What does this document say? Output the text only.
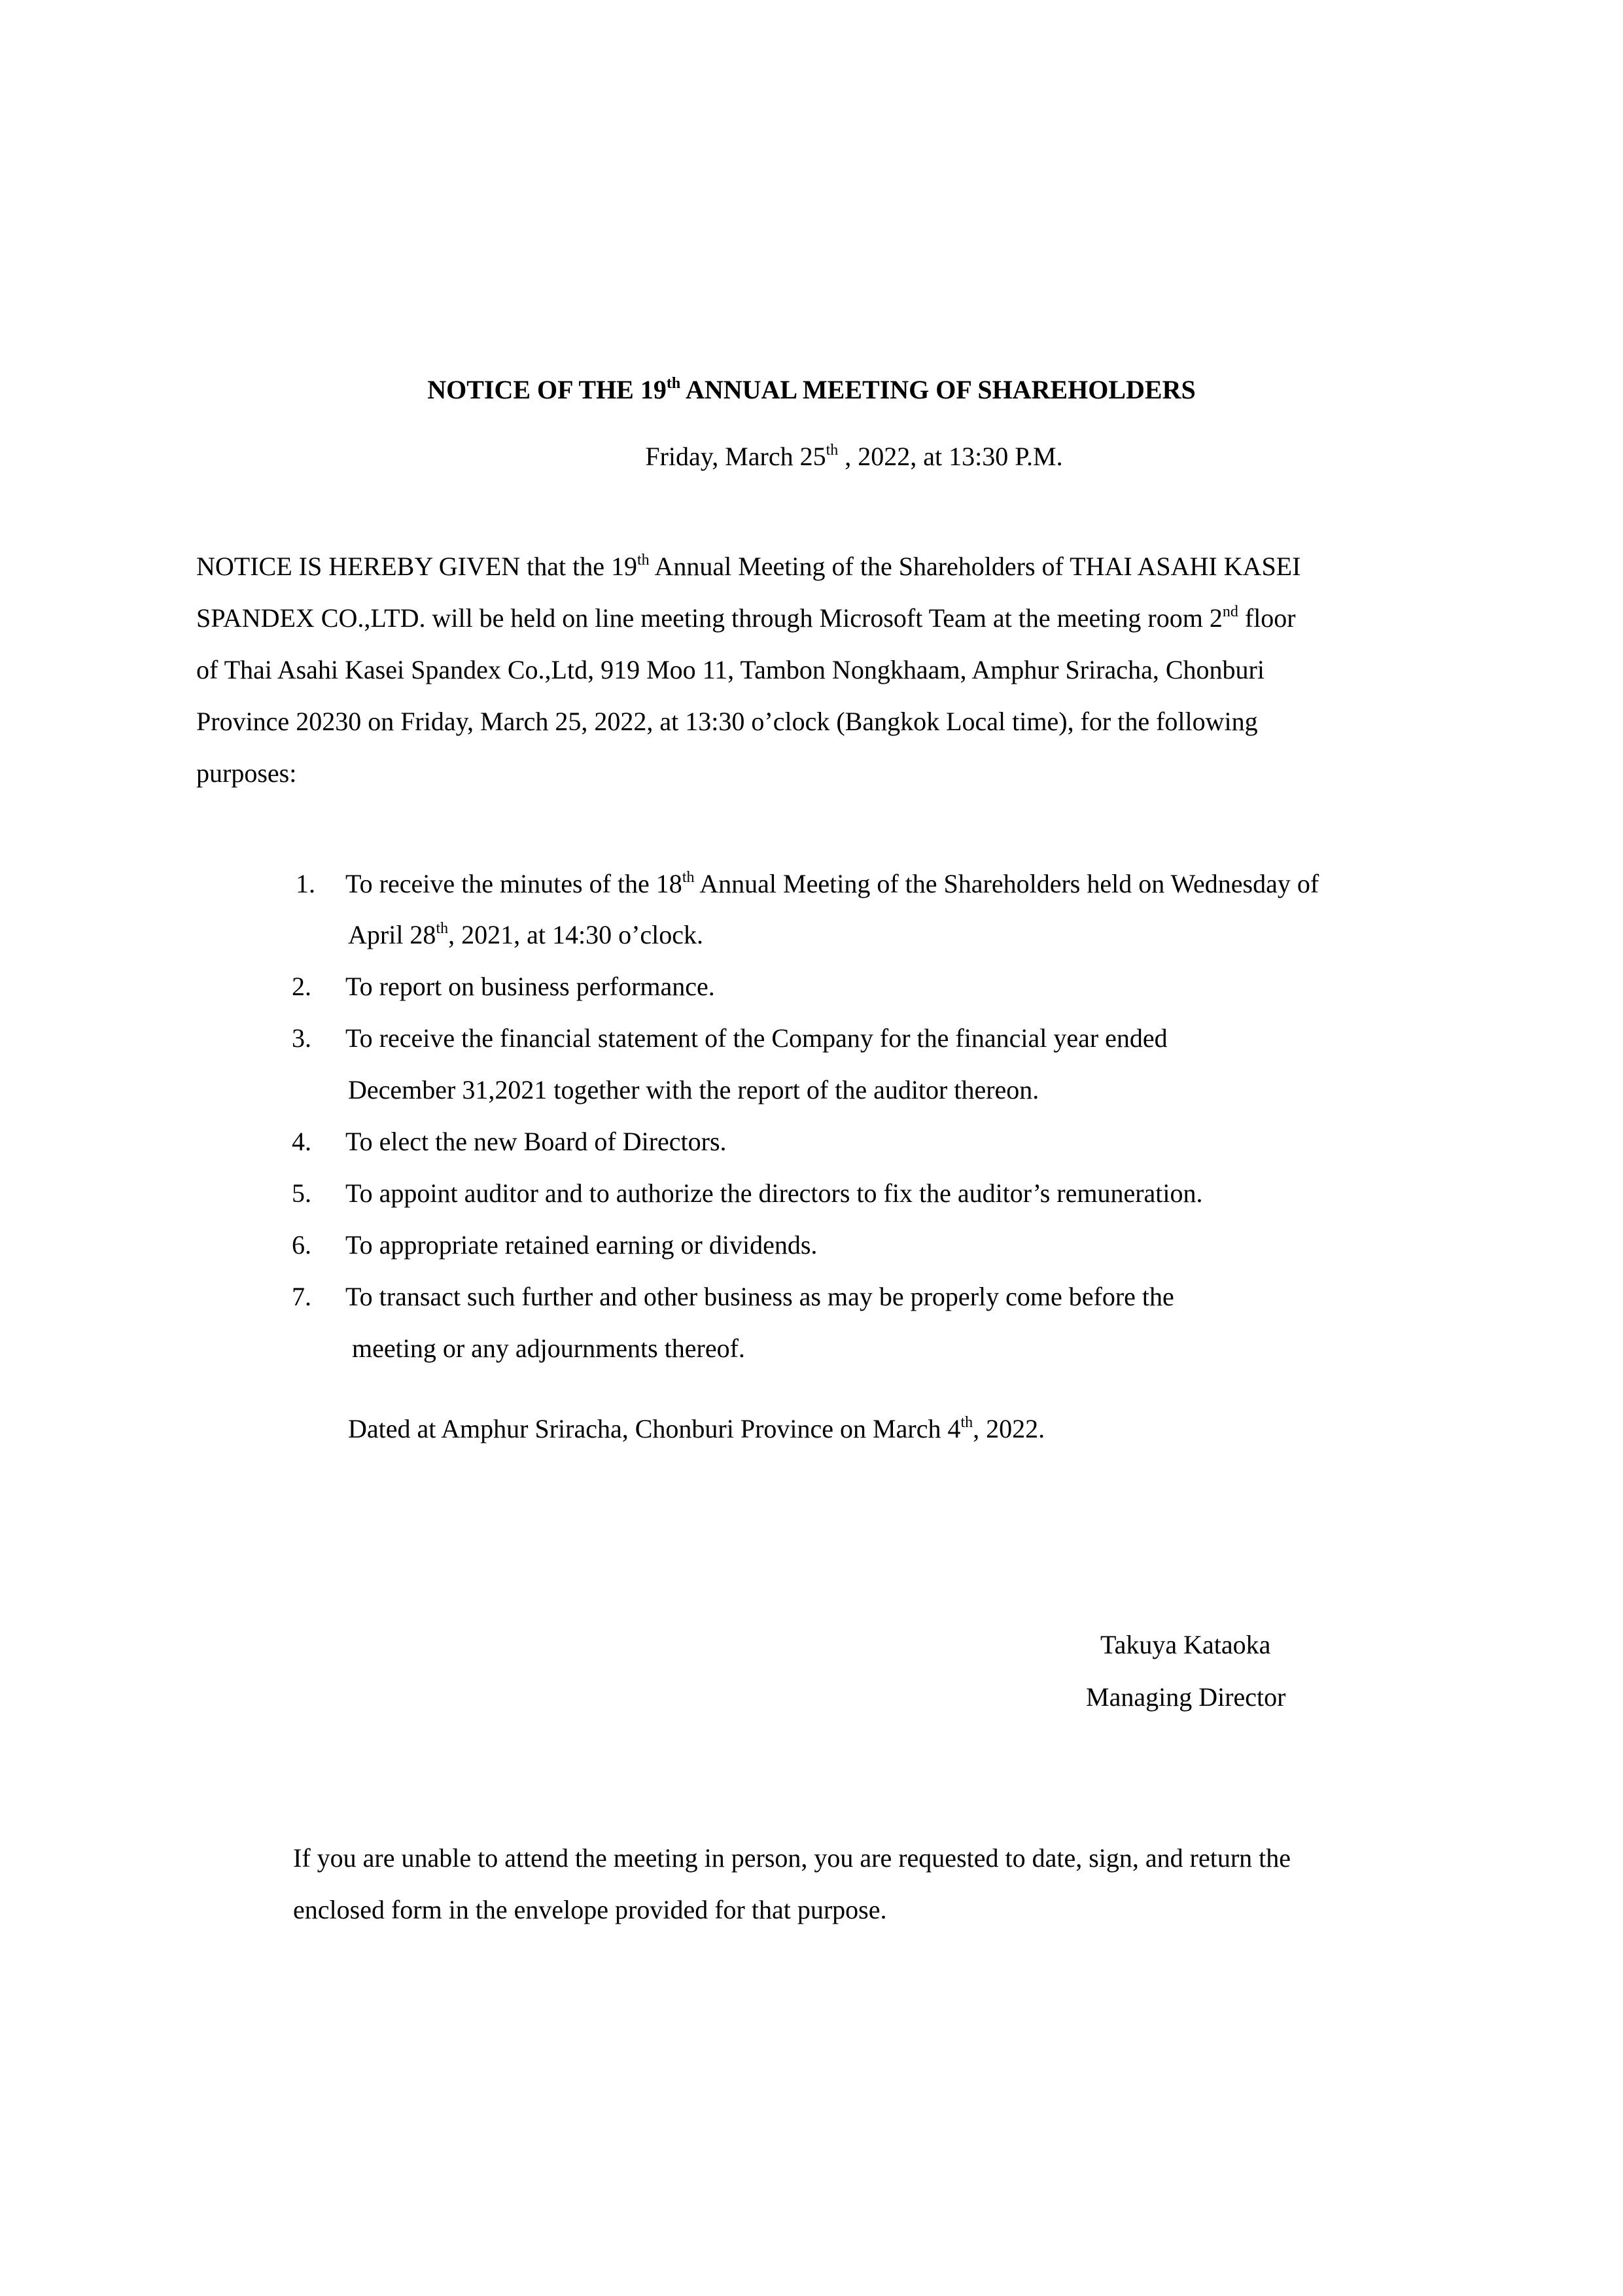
NOTICE OF THE 19th ANNUAL MEETING OF SHAREHOLDERS
Friday, March 25th , 2022, at 13:30 P.M.
NOTICE IS HEREBY GIVEN that the 19th Annual Meeting of the Shareholders of THAI ASAHI KASEI
SPANDEX CO.,LTD. will be held on line meeting through Microsoft Team at the meeting room 2nd floor
of Thai Asahi Kasei Spandex Co.,Ltd, 919 Moo 11, Tambon Nongkhaam, Amphur Sriracha, Chonburi
Province 20230 on Friday, March 25, 2022, at 13:30 o’clock (Bangkok Local time), for the following
purposes:
1. To receive the minutes of the 18th Annual Meeting of the Shareholders held on Wednesday of
April 28th, 2021, at 14:30 o’clock.
2. To report on business performance.
3. To receive the financial statement of the Company for the financial year ended
December 31,2021 together with the report of the auditor thereon.
4. To elect the new Board of Directors.
5. To appoint auditor and to authorize the directors to fix the auditor’s remuneration.
6. To appropriate retained earning or dividends.
7. To transact such further and other business as may be properly come before the
meeting or any adjournments thereof.
Dated at Amphur Sriracha, Chonburi Province on March 4th, 2022.
Takuya Kataoka
Managing Director
If you are unable to attend the meeting in person, you are requested to date, sign, and return the
enclosed form in the envelope provided for that purpose.
